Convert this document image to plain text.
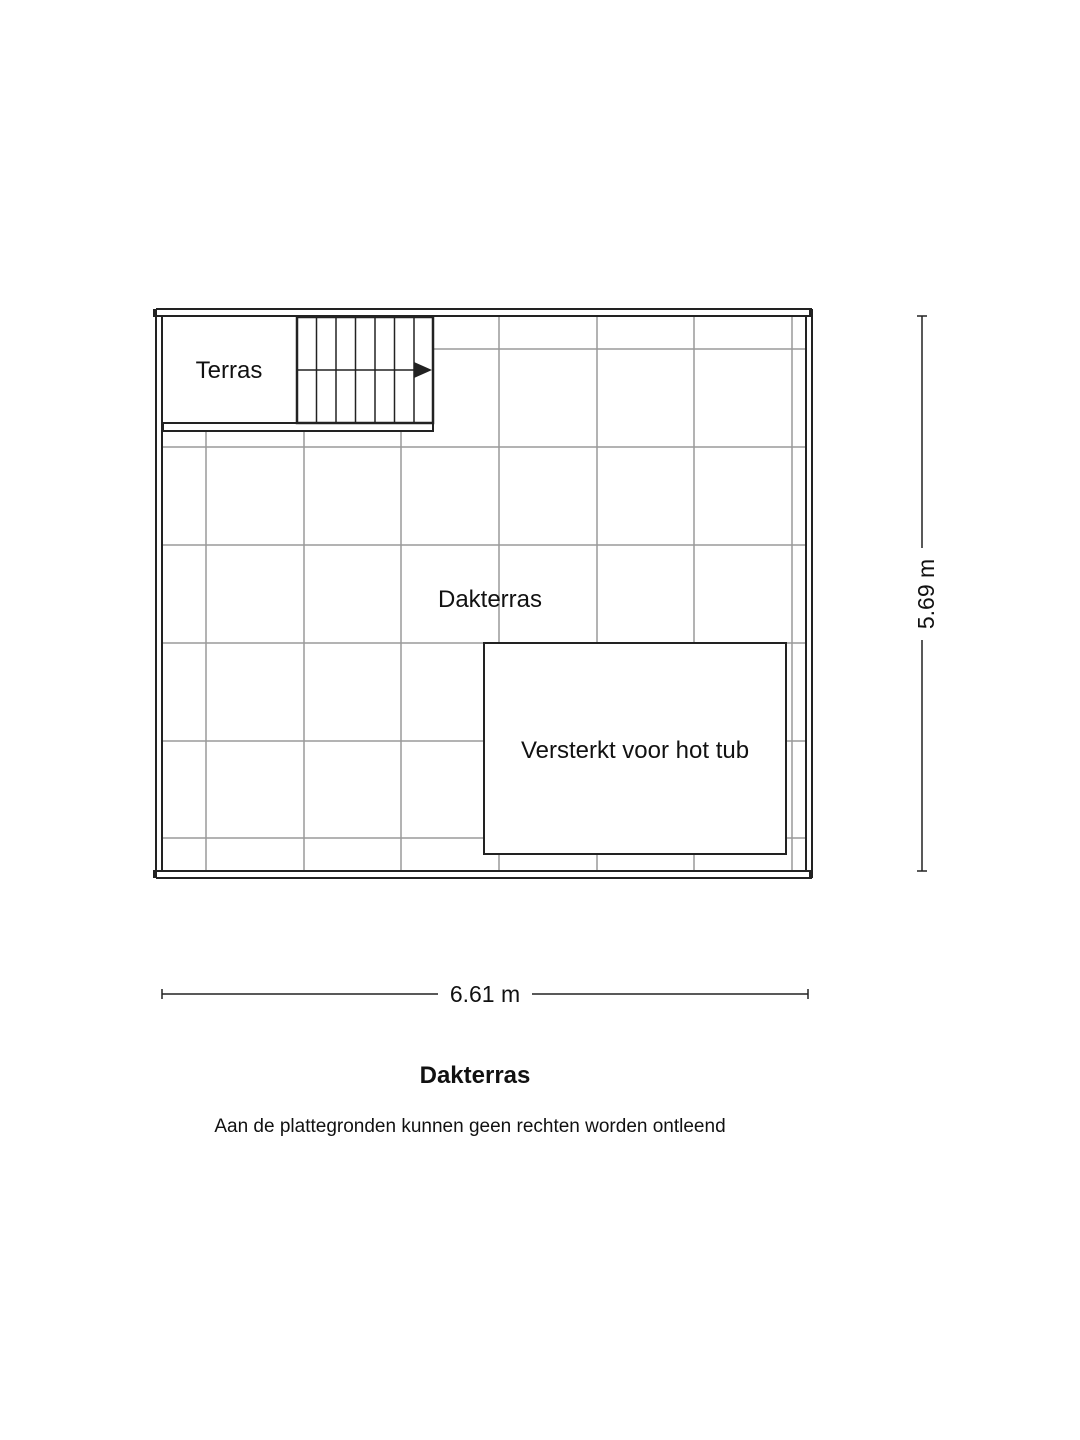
Terras
Dakterras
Versterkt voor hot tub
6.61 m
5.69 m
Dakterras
Aan de plattegronden kunnen geen rechten worden ontleend
